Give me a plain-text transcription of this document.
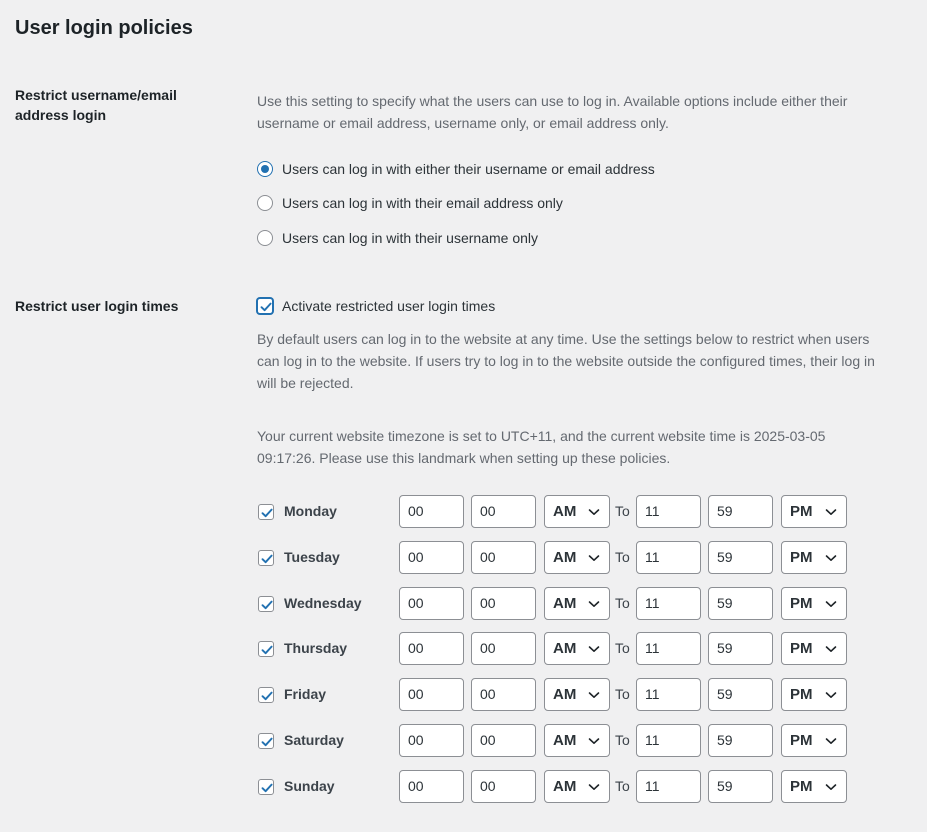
User login policies
Restrict username/email address login
Use this setting to specify what the users can use to log in. Available options include either their username or email address, username only, or email address only.
Users can log in with either their username or email address
Users can log in with their email address only
Users can log in with their username only
Restrict user login times	Activate restricted user login times
By default users can log in to the website at any time. Use the settings below to restrict when users can log in to the website. If users try to log in to the website outside the configured times, their log in will be rejected.
Your current website timezone is set to UTC+11, and the current website time is 2025-03-05 09:17:26. Please use this landmark when setting up these policies.
Monday	00	00	AM	To	11	59	PM
Tuesday	00	00	AM	To	11	59	PM
Wednesday	00	00	AM	To	11	59	PM
Thursday	00	00	AM	To	11	59	PM
Friday	00	00	AM	To	11	59	PM
Saturday	00	00	AM	To	11	59	PM
Sunday	00	00	AM	To	11	59	PM
